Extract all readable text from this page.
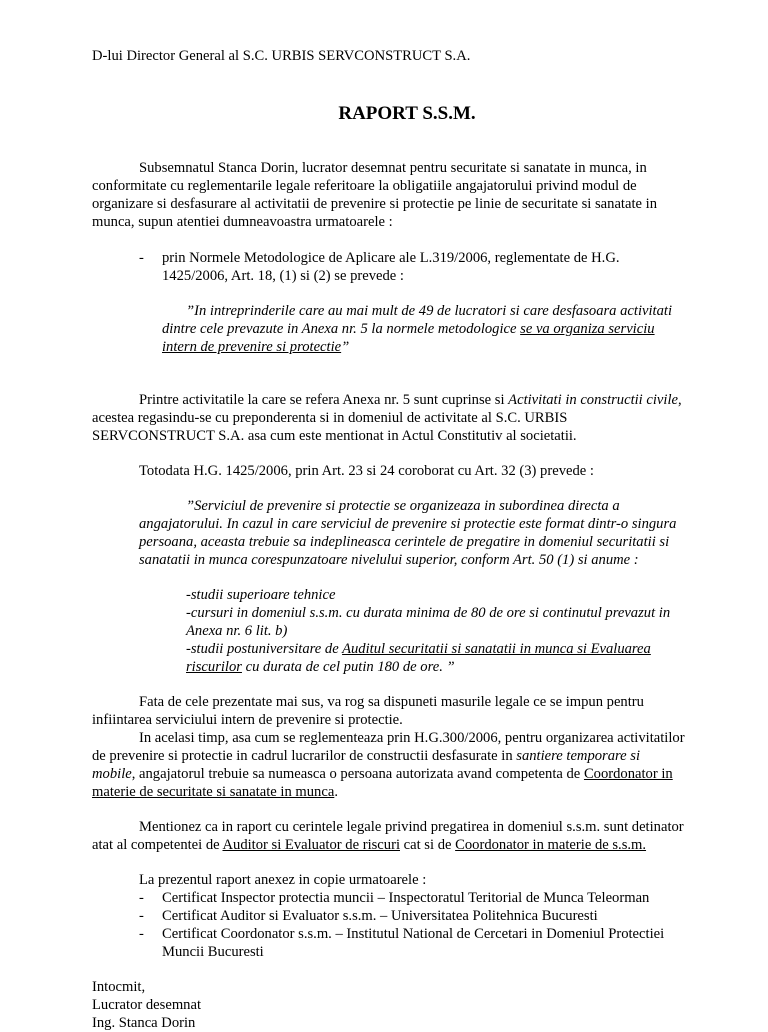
D-lui Director General al S.C. URBIS SERVCONSTRUCT S.A.
RAPORT S.S.M.
Subsemnatul Stanca Dorin, lucrator desemnat pentru securitate si sanatate in munca, in
conformitate cu reglementarile legale referitoare la obligatiile angajatorului privind modul de
organizare si desfasurare al activitatii de prevenire si protectie pe linie de securitate si sanatate in
munca, supun atentiei dumneavoastra urmatoarele :
- prin Normele Metodologice de Aplicare ale L.319/2006, reglementate de H.G.
1425/2006, Art. 18, (1) si (2) se prevede :
”In intreprinderile care au mai mult de 49 de lucratori si care desfasoara activitati
dintre cele prevazute in Anexa nr. 5 la normele metodologice se va organiza serviciu
intern de prevenire si protectie”
Printre activitatile la care se refera Anexa nr. 5 sunt cuprinse si Activitati in constructii civile,
acestea regasindu-se cu preponderenta si in domeniul de activitate al S.C. URBIS
SERVCONSTRUCT S.A. asa cum este mentionat in Actul Constitutiv al societatii.
Totodata H.G. 1425/2006, prin Art. 23 si 24 coroborat cu Art. 32 (3) prevede :
”Serviciul de prevenire si protectie se organizeaza in subordinea directa a
angajatorului. In cazul in care serviciul de prevenire si protectie este format dintr-o singura
persoana, aceasta trebuie sa indeplineasca cerintele de pregatire in domeniul securitatii si
sanatatii in munca corespunzatoare nivelului superior, conform Art. 50 (1) si anume :
-studii superioare tehnice
-cursuri in domeniul s.s.m. cu durata minima de 80 de ore si continutul prevazut in
Anexa nr. 6 lit. b)
-studii postuniversitare de Auditul securitatii si sanatatii in munca si Evaluarea
riscurilor cu durata de cel putin 180 de ore. ”
Fata de cele prezentate mai sus, va rog sa dispuneti masurile legale ce se impun pentru
infiintarea serviciului intern de prevenire si protectie.
In acelasi timp, asa cum se reglementeaza prin H.G.300/2006, pentru organizarea activitatilor
de prevenire si protectie in cadrul lucrarilor de constructii desfasurate in santiere temporare si
mobile, angajatorul trebuie sa numeasca o persoana autorizata avand competenta de Coordonator in
materie de securitate si sanatate in munca.
Mentionez ca in raport cu cerintele legale privind pregatirea in domeniul s.s.m. sunt detinator
atat al competentei de Auditor si Evaluator de riscuri cat si de Coordonator in materie de s.s.m.
La prezentul raport anexez in copie urmatoarele :
- Certificat Inspector protectia muncii – Inspectoratul Teritorial de Munca Teleorman
- Certificat Auditor si Evaluator s.s.m. – Universitatea Politehnica Bucuresti
- Certificat Coordonator s.s.m. – Institutul National de Cercetari in Domeniul Protectiei
Muncii Bucuresti
Intocmit,
Lucrator desemnat
Ing. Stanca Dorin
